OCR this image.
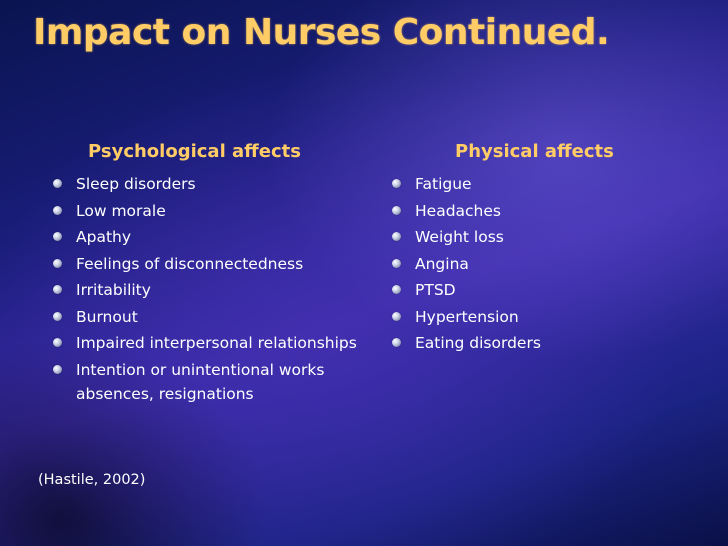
Impact on Nurses Continued.
Psychological affects	Physical affects
Sleep disorders
Low morale
Apathy
Feelings of disconnectedness
Irritability
Burnout
Impaired interpersonal relationships
Intention or unintentional works absences, resignations
Fatigue
Headaches
Weight loss
Angina
PTSD
Hypertension
Eating disorders
(Hastile, 2002)
